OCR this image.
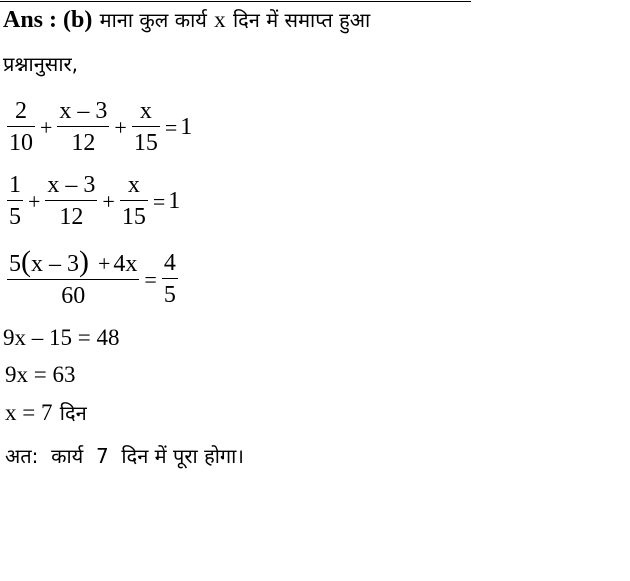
Ans : (b) माना कुल कार्य x दिन में समाप्त हुआ
प्रश्नानुसार,
$\frac{2}{10} + \frac{x - 3}{12} + \frac{x}{15} = 1$
$\frac{1}{5} + \frac{x - 3}{12} + \frac{x}{15} = 1$
$\frac{5(x - 3) + 4x}{60} = \frac{4}{5}$
9x – 15 = 48
9x = 63
x = 7 दिन
अत:  कार्य  7  दिन में पूरा होगा।
